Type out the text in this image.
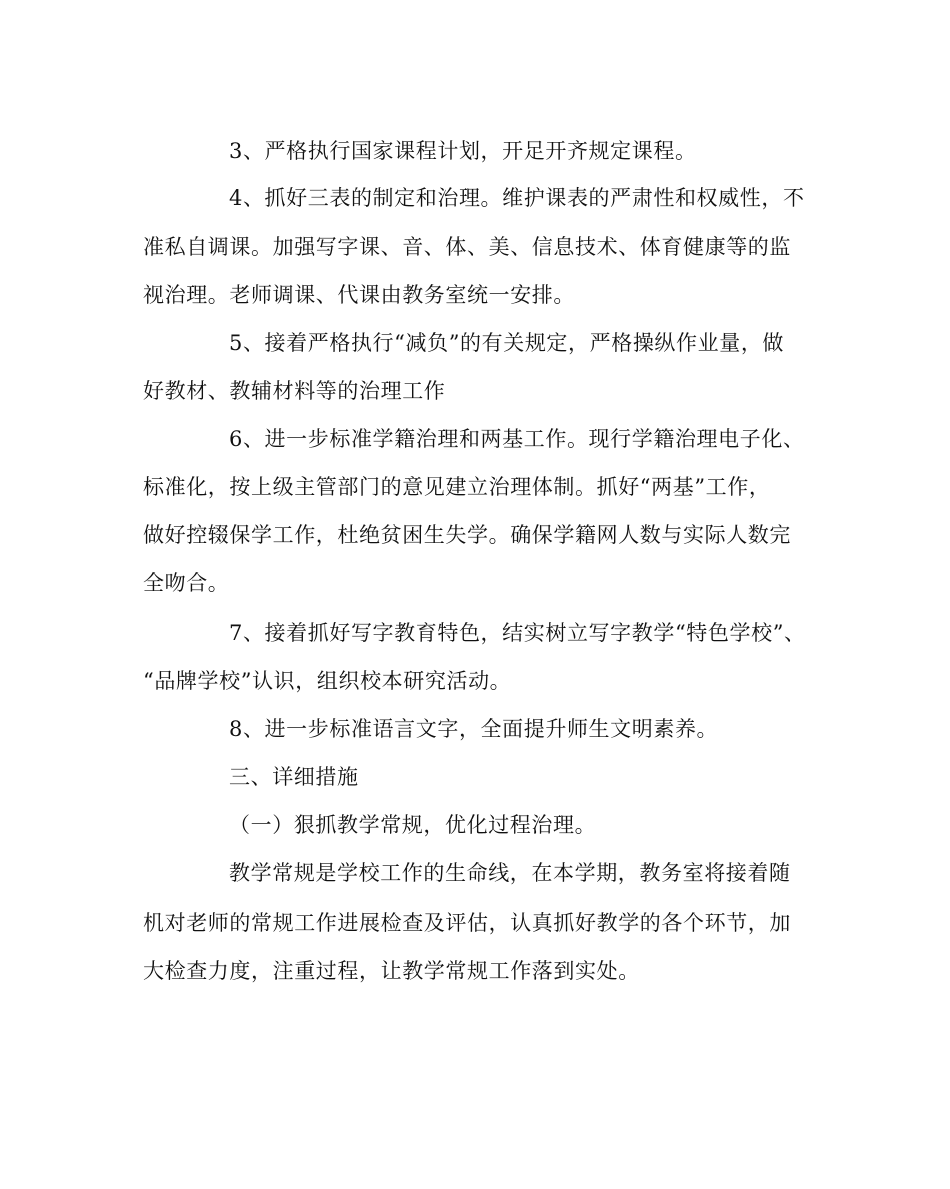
3、严格执行国家课程计划，开足开齐规定课程。
4、抓好三表的制定和治理。维护课表的严肃性和权威性，不
准私自调课。加强写字课、音、体、美、信息技术、体育健康等的监
视治理。老师调课、代课由教务室统一安排。
5、接着严格执行“减负”的有关规定，严格操纵作业量，做
好教材、教辅材料等的治理工作
6、进一步标准学籍治理和两基工作。现行学籍治理电子化、
标准化，按上级主管部门的意见建立治理体制。抓好“两基”工作，
做好控辍保学工作，杜绝贫困生失学。确保学籍网人数与实际人数完
全吻合。
7、接着抓好写字教育特色，结实树立写字教学“特色学校”、
“品牌学校”认识，组织校本研究活动。
8、进一步标准语言文字，全面提升师生文明素养。
三、详细措施
（一）狠抓教学常规，优化过程治理。
教学常规是学校工作的生命线，在本学期，教务室将接着随
机对老师的常规工作进展检查及评估，认真抓好教学的各个环节，加
大检查力度，注重过程，让教学常规工作落到实处。
